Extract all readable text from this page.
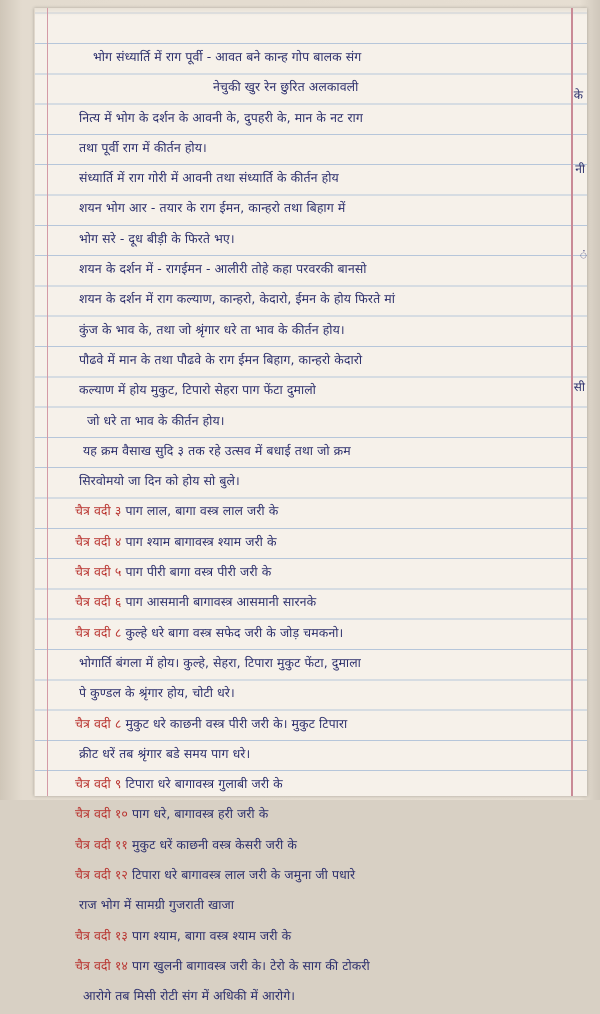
भोग संध्यार्ति में राग पूर्वी - आवत बने कान्ह गोप बालक संग
नेचुकी खुर रेन छुरित अलकावली
नित्य में भोग के दर्शन के आवनी के, दुपहरी के, मान के नट राग
तथा पूर्वी राग में कीर्तन होय।
संध्यार्ति में राग गोरी में आवनी तथा संध्यार्ति के कीर्तन होय
शयन भोग आर - तयार के राग ईमन, कान्हरो तथा बिहाग में
भोग सरे - दूध बीड़ी के फिरते भए।
शयन के दर्शन में - रागईमन - आलीरी तोहे कहा परवरकी बानसो
शयन के दर्शन में राग कल्याण, कान्हरो, केदारो, ईमन के होय फिरते मां
कुंज के भाव के, तथा जो श्रृंगार धरे ता भाव के कीर्तन होय।
पौढवे में मान के तथा पौढवे के राग ईमन बिहाग, कान्हरो केदारो
कल्याण में होय मुकुट, टिपारो सेहरा पाग फेंटा दुमालो
जो धरे ता भाव के कीर्तन होय।
यह क्रम वैसाख सुदि ३ तक रहे उत्सव में बधाई तथा जो क्रम
सिरवोमयो जा दिन को होय सो बुले।
चैत्र वदी ३ पाग लाल, बागा वस्त्र लाल जरी के
चैत्र वदी ४ पाग श्याम बागावस्त्र श्याम जरी के
चैत्र वदी ५ पाग पीरी बागा वस्त्र पीरी जरी के
चैत्र वदी ६ पाग आसमानी बागावस्त्र आसमानी सारनके
चैत्र वदी ८ कुल्हे धरे बागा वस्त्र सफेद जरी के जोड़ चमकनो।
भोगार्ति बंगला में होय। कुल्हे, सेहरा, टिपारा मुकुट फेंटा, दुमाला
पे कुण्डल के श्रृंगार होय, चोटी धरे।
चैत्र वदी ८ मुकुट धरे काछनी वस्त्र पीरी जरी के। मुकुट टिपारा
क्रीट धरें तब श्रृंगार बडे समय पाग धरे।
चैत्र वदी ९ टिपारा धरे बागावस्त्र गुलाबी जरी के
चैत्र वदी १० पाग धरे, बागावस्त्र हरी जरी के
चैत्र वदी ११ मुकुट धरें काछनी वस्त्र केसरी जरी के
चैत्र वदी १२ टिपारा धरे बागावस्त्र लाल जरी के जमुना जी पधारे
राज भोग में सामग्री गुजराती खाजा
चैत्र वदी १३ पाग श्याम, बागा वस्त्र श्याम जरी के
चैत्र वदी १४ पाग खुलनी बागावस्त्र जरी के। टेरो के साग की टोकरी
आरोगे तब मिसी रोटी संग में अधिकी में आरोगे।
के
नी
ं
सी
